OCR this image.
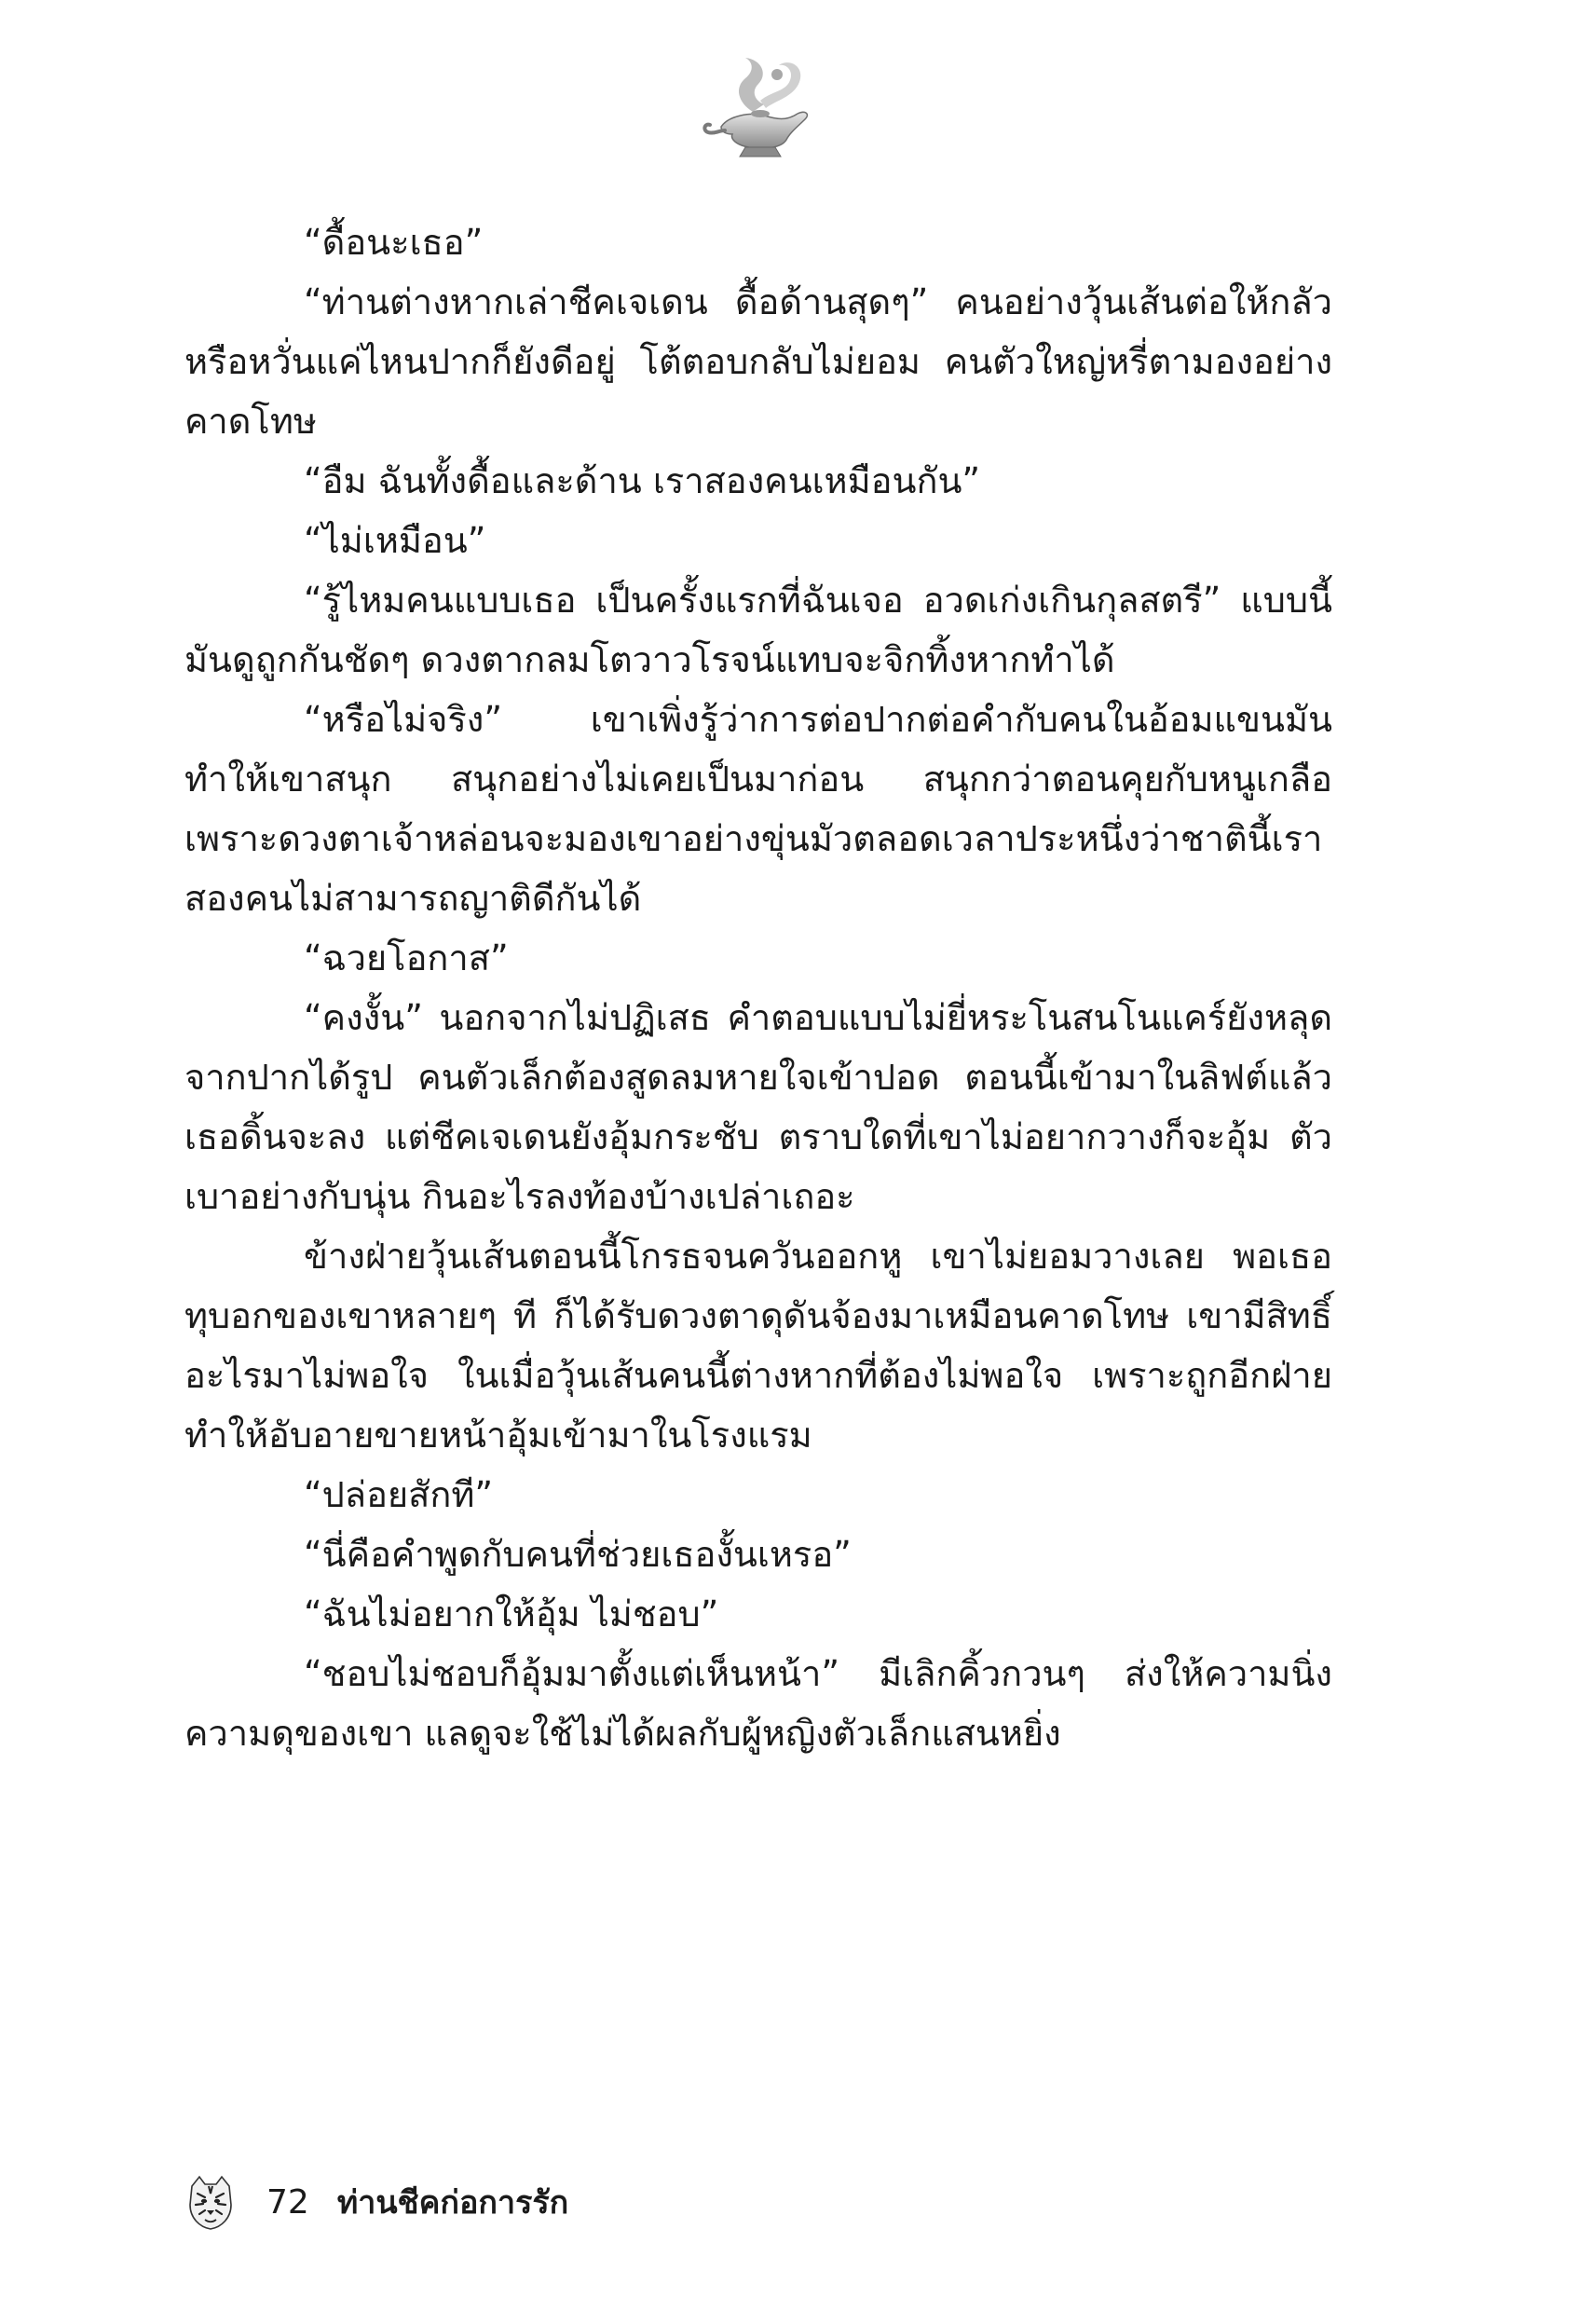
“ดื้อนะเธอ”

“ท่านต่างหากเล่าชีคเจเดน ดื้อด้านสุดๆ” คนอย่างวุ้นเส้นต่อให้กลัวหรือหวั่นแค่ไหนปากก็ยังดีอยู่ โต้ตอบกลับไม่ยอม คนตัวใหญ่หรี่ตามองอย่างคาดโทษ

“อืม ฉันทั้งดื้อและด้าน เราสองคนเหมือนกัน”

“ไม่เหมือน”

“รู้ไหมคนแบบเธอ เป็นครั้งแรกที่ฉันเจอ อวดเก่งเกินกุลสตรี” แบบนี้มันดูถูกกันชัดๆ ดวงตากลมโตวาวโรจน์แทบจะจิกทิ้งหากทำได้

“หรือไม่จริง” เขาเพิ่งรู้ว่าการต่อปากต่อคำกับคนในอ้อมแขนมันทำให้เขาสนุก สนุกอย่างไม่เคยเป็นมาก่อน สนุกกว่าตอนคุยกับหนูเกลือ เพราะดวงตาเจ้าหล่อนจะมองเขาอย่างขุ่นมัวตลอดเวลาประหนึ่งว่าชาตินี้เราสองคนไม่สามารถญาติดีกันได้

“ฉวยโอกาส”

“คงงั้น” นอกจากไม่ปฏิเสธ คำตอบแบบไม่ยี่หระโนสนโนแคร์ยังหลุดจากปากได้รูป คนตัวเล็กต้องสูดลมหายใจเข้าปอด ตอนนี้เข้ามาในลิฟต์แล้ว เธอดิ้นจะลง แต่ชีคเจเดนยังอุ้มกระชับ ตราบใดที่เขาไม่อยากวางก็จะอุ้ม ตัวเบาอย่างกับนุ่น กินอะไรลงท้องบ้างเปล่าเถอะ

ข้างฝ่ายวุ้นเส้นตอนนี้โกรธจนควันออกหู เขาไม่ยอมวางเลย พอเธอทุบอกของเขาหลายๆ ที ก็ได้รับดวงตาดุดันจ้องมาเหมือนคาดโทษ เขามีสิทธิ์อะไรมาไม่พอใจ ในเมื่อวุ้นเส้นคนนี้ต่างหากที่ต้องไม่พอใจ เพราะถูกอีกฝ่ายทำให้อับอายขายหน้าอุ้มเข้ามาในโรงแรม

“ปล่อยสักที”

“นี่คือคำพูดกับคนที่ช่วยเธองั้นเหรอ”

“ฉันไม่อยากให้อุ้ม ไม่ชอบ”

“ชอบไม่ชอบก็อุ้มมาตั้งแต่เห็นหน้า” มีเลิกคิ้วกวนๆ ส่งให้ความนิ่ง ความดุของเขา แลดูจะใช้ไม่ได้ผลกับผู้หญิงตัวเล็กแสนหยิ่ง

72 ท่านชีคก่อการรัก
